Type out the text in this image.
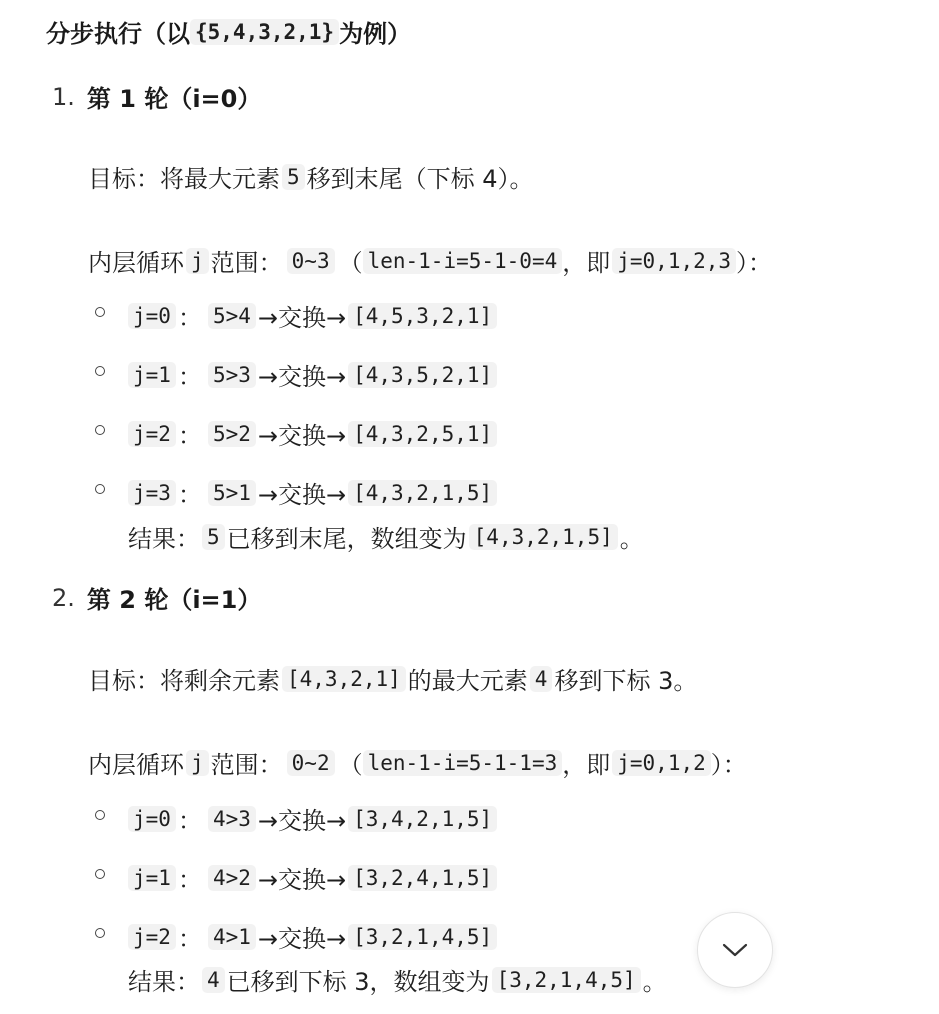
分步执行（以 {5,4,3,2,1} 为例）
1. 第 1 轮（i=0）
目标：将最大元素 5 移到末尾（下标 4）。
内层循环 j 范围： 0~3 （ len-1-i=5-1-0=4 ，即 j=0,1,2,3 ）：
j=0 ： 5>4 →交换→ [4,5,3,2,1]
j=1 ： 5>3 →交换→ [4,3,5,2,1]
j=2 ： 5>2 →交换→ [4,3,2,5,1]
j=3 ： 5>1 →交换→ [4,3,2,1,5]
结果： 5 已移到末尾，数组变为 [4,3,2,1,5] 。
2. 第 2 轮（i=1）
目标：将剩余元素 [4,3,2,1] 的最大元素 4 移到下标 3。
内层循环 j 范围： 0~2 （ len-1-i=5-1-1=3 ，即 j=0,1,2 ）：
j=0 ： 4>3 →交换→ [3,4,2,1,5]
j=1 ： 4>2 →交换→ [3,2,4,1,5]
j=2 ： 4>1 →交换→ [3,2,1,4,5]
结果： 4 已移到下标 3，数组变为 [3,2,1,4,5] 。
